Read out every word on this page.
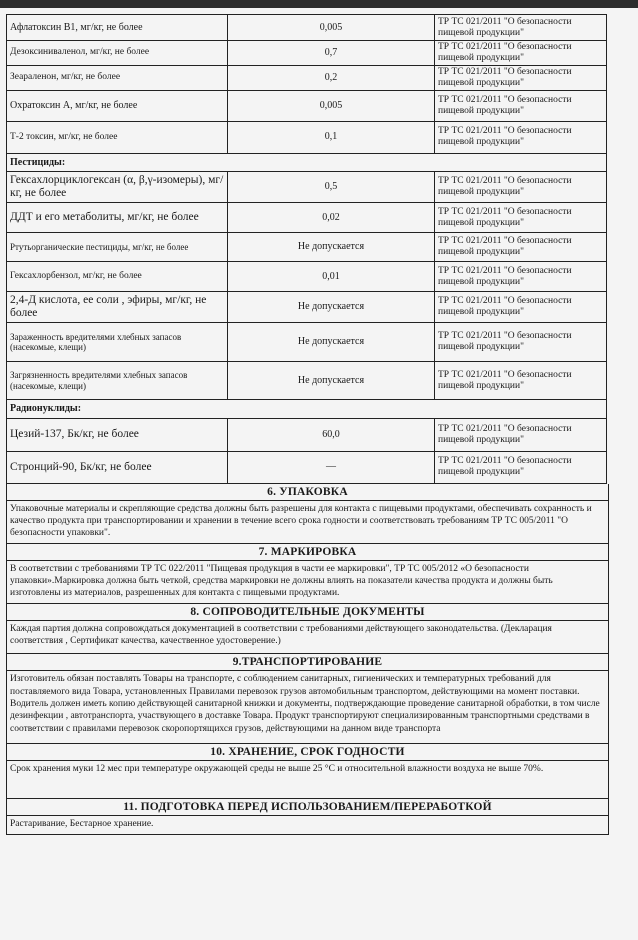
Афлатоксин В1, мг/кг, не более	0,005	ТР ТС 021/2011 "О безопасности пищевой продукции"
Дезоксиниваленол, мг/кг, не более	0,7	ТР ТС 021/2011 "О безопасности пищевой продукции"
Зеараленон, мг/кг, не более	0,2	ТР ТС 021/2011 "О безопасности пищевой продукции"
Охратоксин А, мг/кг, не более	0,005	ТР ТС 021/2011 "О безопасности пищевой продукции"
Т-2 токсин, мг/кг, не более	0,1	ТР ТС 021/2011 "О безопасности пищевой продукции"
Пестициды:		
Гексахлорциклогексан (α, β,γ-изомеры), мг/кг, не более	0,5	ТР ТС 021/2011 "О безопасности пищевой продукции"
ДДТ и его метаболиты, мг/кг, не более	0,02	ТР ТС 021/2011 "О безопасности пищевой продукции"
Ртутьорганические пестициды, мг/кг, не более	Не допускается	ТР ТС 021/2011 "О безопасности пищевой продукции"
Гексахлорбензол, мг/кг, не более	0,01	ТР ТС 021/2011 "О безопасности пищевой продукции"
2,4-Д кислота, ее соли , эфиры, мг/кг, не более	Не допускается	ТР ТС 021/2011 "О безопасности пищевой продукции"
Зараженность вредителями хлебных запасов (насекомые, клещи)	Не допускается	ТР ТС 021/2011 "О безопасности пищевой продукции"
Загрязненность вредителями хлебных запасов (насекомые, клещи)	Не допускается	ТР ТС 021/2011 "О безопасности пищевой продукции"
Радионуклиды:		
Цезий-137, Бк/кг, не более	60,0	ТР ТС 021/2011 "О безопасности пищевой продукции"
Стронций-90, Бк/кг, не более	—	ТР ТС 021/2011 "О безопасности пищевой продукции"
6. УПАКОВКА
Упаковочные материалы и скрепляющие средства должны быть разрешены для контакта с пищевыми продуктами, обеспечивать сохранность и качество продукта при транспортировании и хранении в течение всего срока годности и соответствовать требованиям ТР ТС 005/2011 "О безопасности упаковки".
7. МАРКИРОВКА
В соответствии с требованиями ТР ТС 022/2011 "Пищевая продукция в части ее маркировки", ТР ТС 005/2012 «О безопасности упаковки».Маркировка должна быть четкой, средства маркировки не должны влиять на показатели качества продукта и должны быть изготовлены из материалов, разрешенных для контакта с пищевыми продуктами.
8. СОПРОВОДИТЕЛЬНЫЕ ДОКУМЕНТЫ
Каждая партия должна сопровождаться документацией в соответствии с требованиями действующего законодательства. (Декларация соответствия , Сертификат качества, качественное удостоверение.)
9.ТРАНСПОРТИРОВАНИЕ
Изготовитель обязан поставлять Товары на транспорте, с соблюдением санитарных, гигиенических и температурных требований для поставляемого вида Товара, установленных Правилами перевозок грузов автомобильным транспортом, действующими на момент поставки. Водитель должен иметь копию действующей санитарной книжки и документы, подтверждающие проведение санитарной обработки, в том числе дезинфекции , автотранспорта, участвующего в доставке Товара. Продукт транспортируют специализированным транспортными средствами в соответствии с правилами перевозок скоропортящихся грузов, действующими на данном виде транспорта
10. ХРАНЕНИЕ, СРОК ГОДНОСТИ
Срок хранения муки 12 мес при температуре окружающей среды не выше 25 °С и относительной влажности воздуха не выше 70%.
11. ПОДГОТОВКА ПЕРЕД ИСПОЛЬЗОВАНИЕМ/ПЕРЕРАБОТКОЙ
Растаривание, Бестарное хранение.
